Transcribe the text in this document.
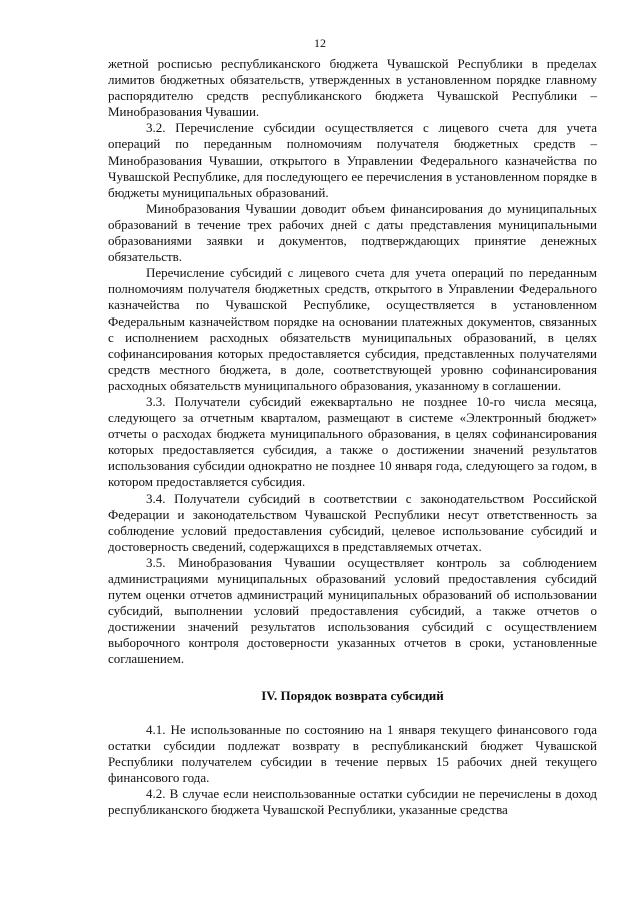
12

жетной росписью республиканского бюджета Чувашской Республики в пределах лимитов бюджетных обязательств, утвержденных в установленном порядке главному распорядителю средств республиканского бюджета Чувашской Республики – Минобразования Чувашии.

3.2. Перечисление субсидии осуществляется с лицевого счета для учета операций по переданным полномочиям получателя бюджетных средств – Минобразования Чувашии, открытого в Управлении Федерального казначейства по Чувашской Республике, для последующего ее перечисления в установленном порядке в бюджеты муниципальных образований.

Минобразования Чувашии доводит объем финансирования до муниципальных образований в течение трех рабочих дней с даты представления муниципальными образованиями заявки и документов, подтверждающих принятие денежных обязательств.

Перечисление субсидий с лицевого счета для учета операций по переданным полномочиям получателя бюджетных средств, открытого в Управлении Федерального казначейства по Чувашской Республике, осуществляется в установленном Федеральным казначейством порядке на основании платежных документов, связанных с исполнением расходных обязательств муниципальных образований, в целях софинансирования которых предоставляется субсидия, представленных получателями средств местного бюджета, в доле, соответствующей уровню софинансирования расходных обязательств муниципального образования, указанному в соглашении.

3.3. Получатели субсидий ежеквартально не позднее 10-го числа месяца, следующего за отчетным кварталом, размещают в системе «Электронный бюджет» отчеты о расходах бюджета муниципального образования, в целях софинансирования которых предоставляется субсидия, а также о достижении значений результатов использования субсидии однократно не позднее 10 января года, следующего за годом, в котором предоставляется субсидия.

3.4. Получатели субсидий в соответствии с законодательством Российской Федерации и законодательством Чувашской Республики несут ответственность за соблюдение условий предоставления субсидий, целевое использование субсидий и достоверность сведений, содержащихся в представляемых отчетах.

3.5. Минобразования Чувашии осуществляет контроль за соблюдением администрациями муниципальных образований условий предоставления субсидий путем оценки отчетов администраций муниципальных образований об использовании субсидий, выполнении условий предоставления субсидий, а также отчетов о достижении значений результатов использования субсидий с осуществлением выборочного контроля достоверности указанных отчетов в сроки, установленные соглашением.

IV. Порядок возврата субсидий

4.1. Не использованные по состоянию на 1 января текущего финансового года остатки субсидии подлежат возврату в республиканский бюджет Чувашской Республики получателем субсидии в течение первых 15 рабочих дней текущего финансового года.

4.2. В случае если неиспользованные остатки субсидии не перечислены в доход республиканского бюджета Чувашской Республики, указанные средства
